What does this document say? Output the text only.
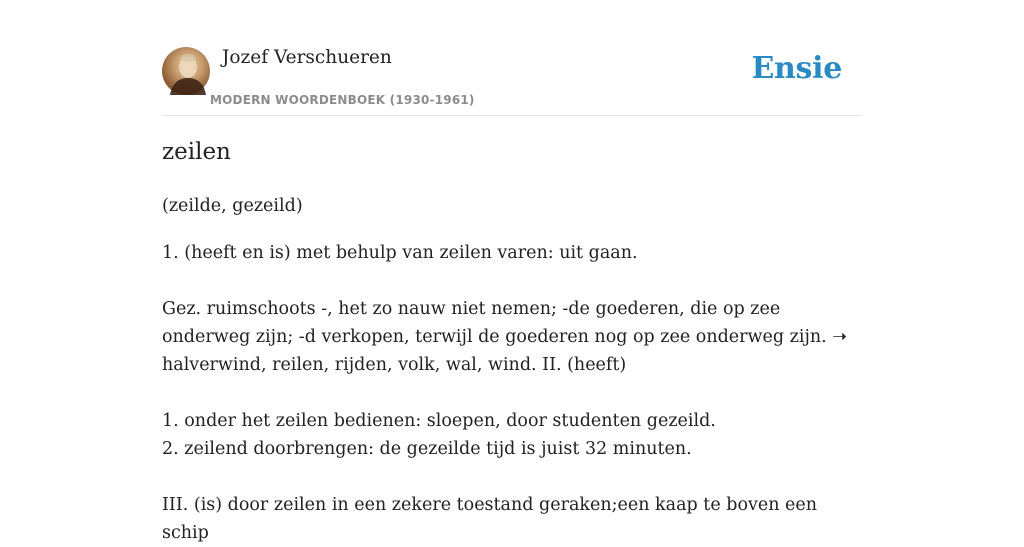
Jozef Verschueren
MODERN WOORDENBOEK (1930-1961)
Ensie
zeilen

(zeilde, gezeild)

1. (heeft en is) met behulp van zeilen varen: uit gaan.

Gez. ruimschoots -, het zo nauw niet nemen; -de goederen, die op zee onderweg zijn; -d verkopen, terwijl de goederen nog op zee onderweg zijn. ➝ halverwind, reilen, rijden, volk, wal, wind. II. (heeft)

1. onder het zeilen bedienen: sloepen, door studenten gezeild.

2. zeilend doorbrengen: de gezeilde tijd is juist 32 minuten.

III. (is) door zeilen in een zekere toestand geraken;een kaap te boven een schip
